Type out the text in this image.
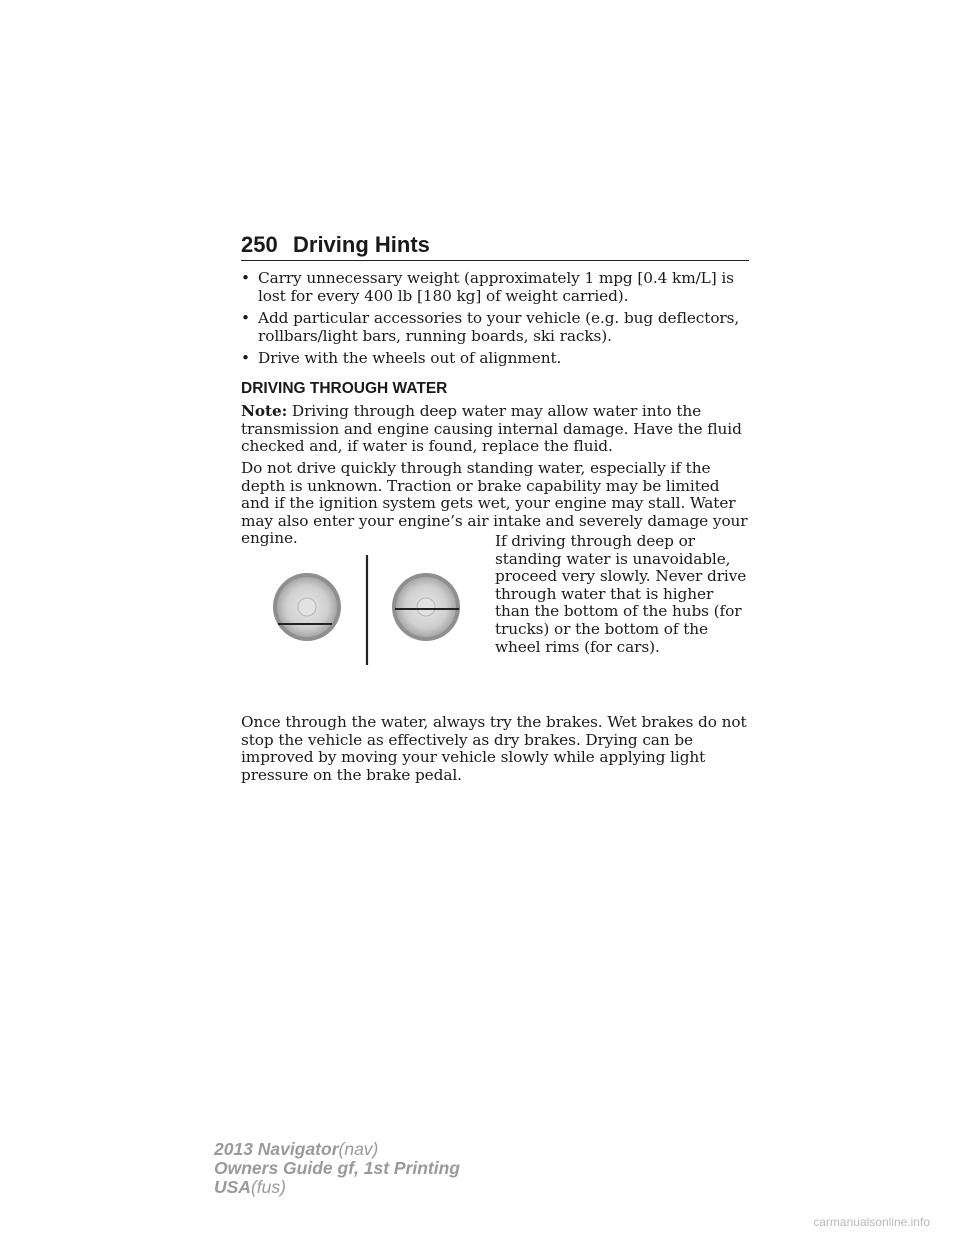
250 Driving Hints
• Carry unnecessary weight (approximately 1 mpg [0.4 km/L] is lost for every 400 lb [180 kg] of weight carried).
• Add particular accessories to your vehicle (e.g. bug deflectors, rollbars/light bars, running boards, ski racks).
• Drive with the wheels out of alignment.
DRIVING THROUGH WATER
Note: Driving through deep water may allow water into the transmission and engine causing internal damage. Have the fluid checked and, if water is found, replace the fluid.
Do not drive quickly through standing water, especially if the depth is unknown. Traction or brake capability may be limited and if the ignition system gets wet, your engine may stall. Water may also enter your engine’s air intake and severely damage your engine.	If driving through deep or standing water is unavoidable, proceed very slowly. Never drive through water that is higher than the bottom of the hubs (for trucks) or the bottom of the wheel rims (for cars).
Once through the water, always try the brakes. Wet brakes do not stop the vehicle as effectively as dry brakes. Drying can be improved by moving your vehicle slowly while applying light pressure on the brake pedal.
2013 Navigator(nav)
Owners Guide gf, 1st Printing
USA(fus)
carmanualsonline.info
